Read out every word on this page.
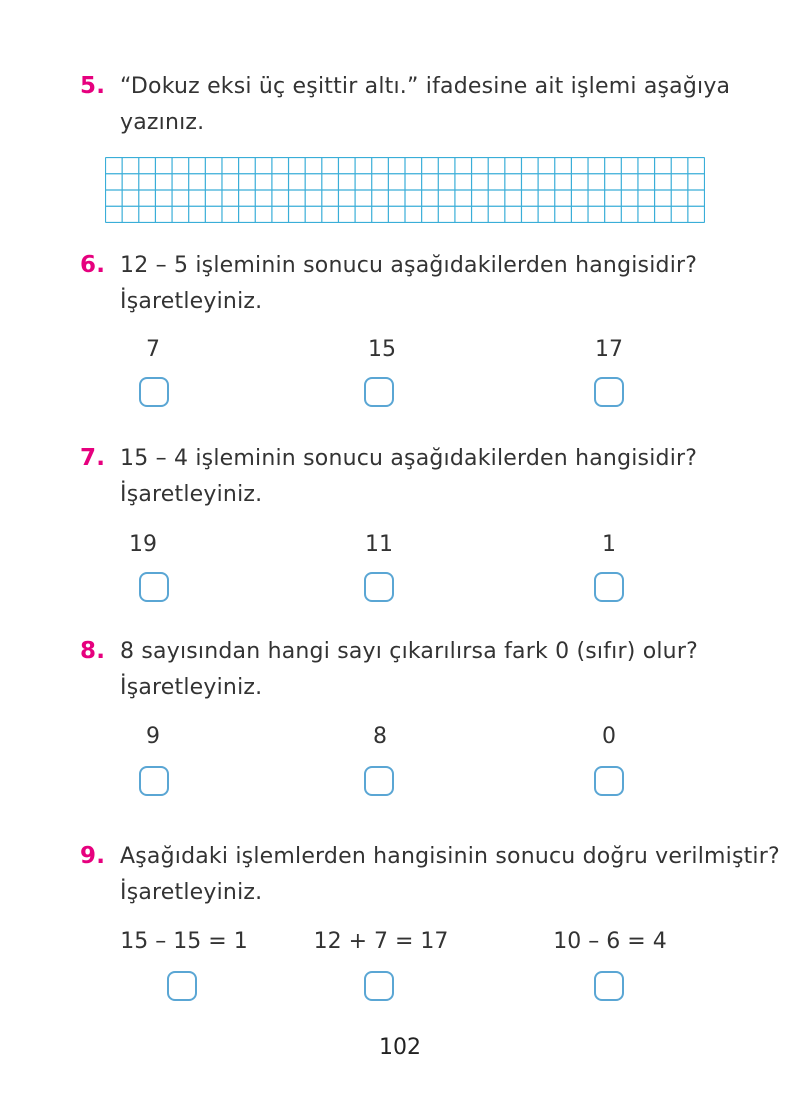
5. “Dokuz eksi üç eşittir altı.” ifadesine ait işlemi aşağıya
yazınız.
6. 12 – 5 işleminin sonucu aşağıdakilerden hangisidir?
İşaretleyiniz.
7	15	17
7. 15 – 4 işleminin sonucu aşağıdakilerden hangisidir?
İşaretleyiniz.
19	11	1
8. 8 sayısından hangi sayı çıkarılırsa fark 0 (sıfır) olur?
İşaretleyiniz.
9	8	0
9. Aşağıdaki işlemlerden hangisinin sonucu doğru verilmiştir?
İşaretleyiniz.
15 – 15 = 1	12 + 7 = 17	10 – 6 = 4
102
